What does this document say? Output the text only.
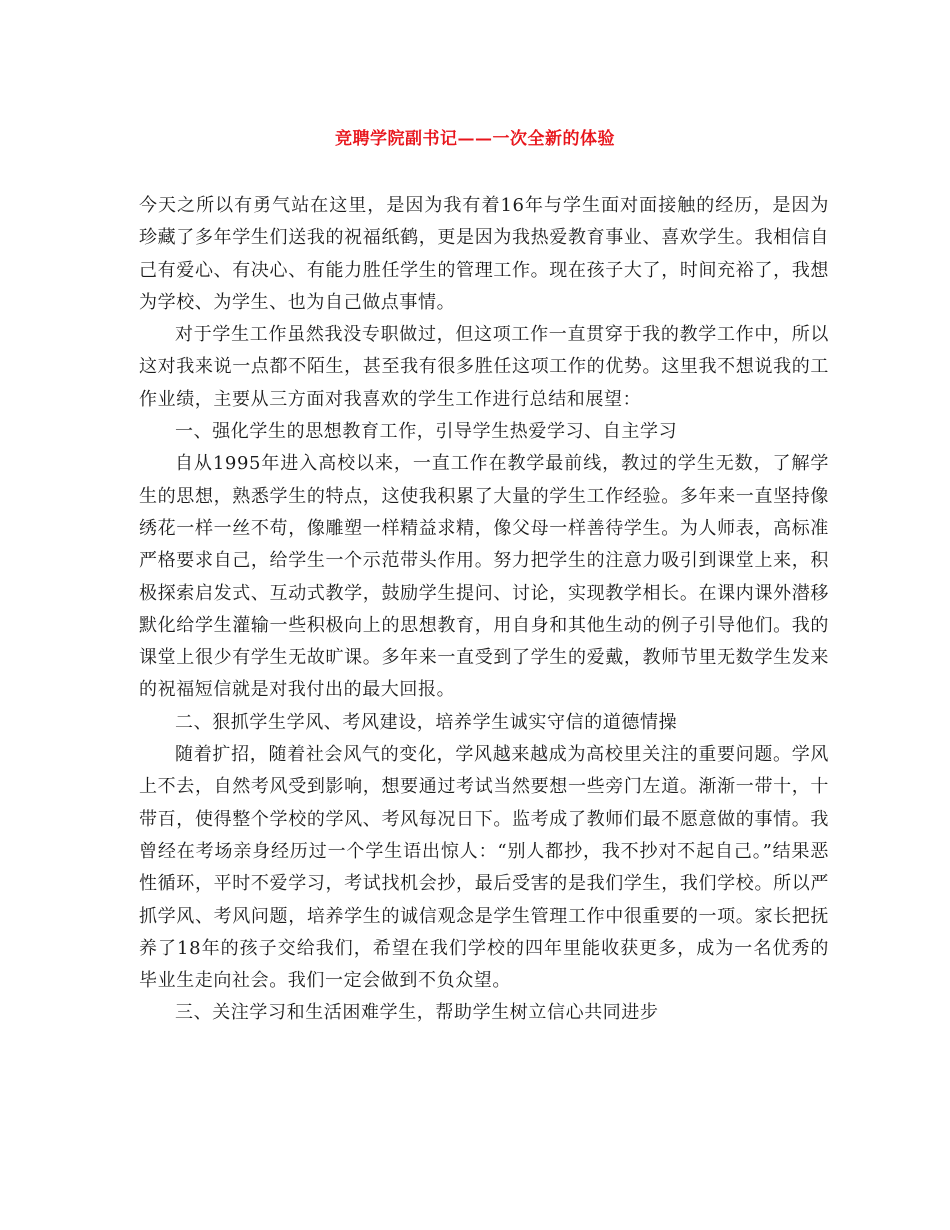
竞聘学院副书记——一次全新的体验

今天之所以有勇气站在这里，是因为我有着16年与学生面对面接触的经历，是因为珍藏了多年学生们送我的祝福纸鹤，更是因为我热爱教育事业、喜欢学生。我相信自己有爱心、有决心、有能力胜任学生的管理工作。现在孩子大了，时间充裕了，我想为学校、为学生、也为自己做点事情。

对于学生工作虽然我没专职做过，但这项工作一直贯穿于我的教学工作中，所以这对我来说一点都不陌生，甚至我有很多胜任这项工作的优势。这里我不想说我的工作业绩，主要从三方面对我喜欢的学生工作进行总结和展望：

一、强化学生的思想教育工作，引导学生热爱学习、自主学习

自从1995年进入高校以来，一直工作在教学最前线，教过的学生无数，了解学生的思想，熟悉学生的特点，这使我积累了大量的学生工作经验。多年来一直坚持像绣花一样一丝不苟，像雕塑一样精益求精，像父母一样善待学生。为人师表，高标准严格要求自己，给学生一个示范带头作用。努力把学生的注意力吸引到课堂上来，积极探索启发式、互动式教学，鼓励学生提问、讨论，实现教学相长。在课内课外潜移默化给学生灌输一些积极向上的思想教育，用自身和其他生动的例子引导他们。我的课堂上很少有学生无故旷课。多年来一直受到了学生的爱戴，教师节里无数学生发来的祝福短信就是对我付出的最大回报。

二、狠抓学生学风、考风建设，培养学生诚实守信的道德情操

随着扩招，随着社会风气的变化，学风越来越成为高校里关注的重要问题。学风上不去，自然考风受到影响，想要通过考试当然要想一些旁门左道。渐渐一带十，十带百，使得整个学校的学风、考风每况日下。监考成了教师们最不愿意做的事情。我曾经在考场亲身经历过一个学生语出惊人：“别人都抄，我不抄对不起自己。”结果恶性循环，平时不爱学习，考试找机会抄，最后受害的是我们学生，我们学校。所以严抓学风、考风问题，培养学生的诚信观念是学生管理工作中很重要的一项。家长把抚养了18年的孩子交给我们，希望在我们学校的四年里能收获更多，成为一名优秀的毕业生走向社会。我们一定会做到不负众望。

三、关注学习和生活困难学生，帮助学生树立信心共同进步
